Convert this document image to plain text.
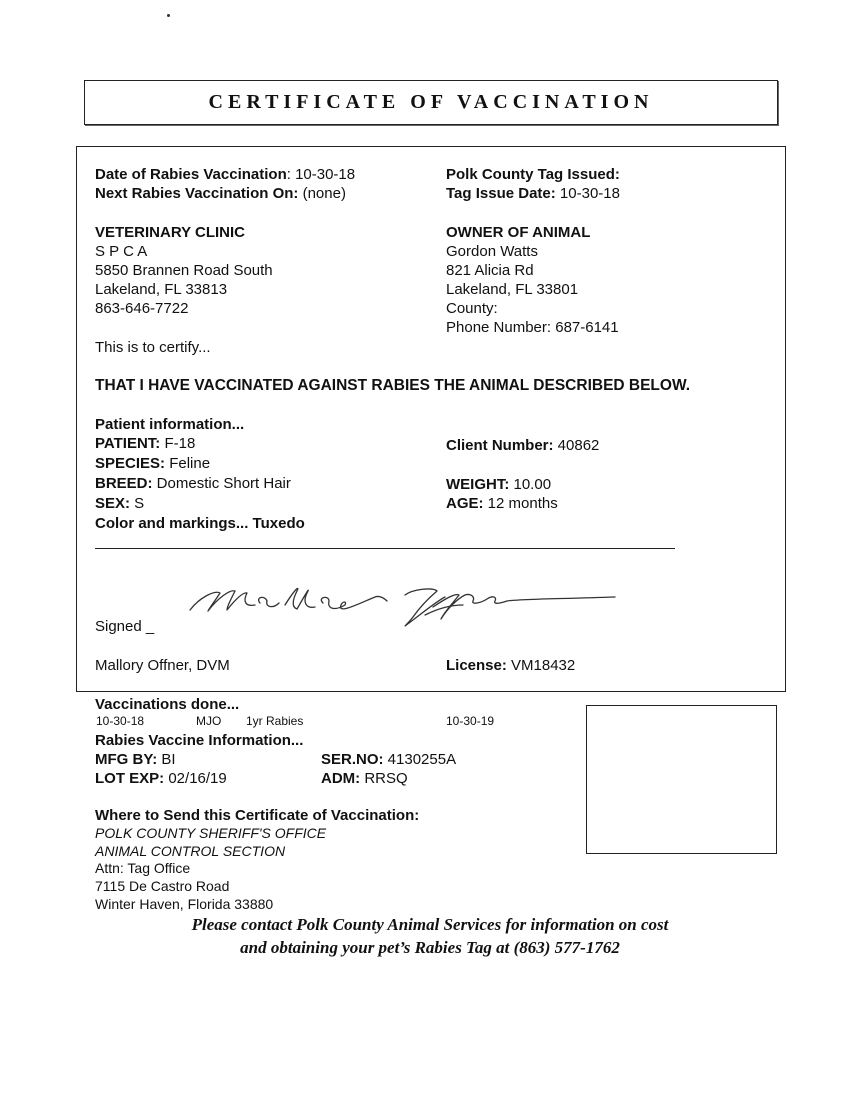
CERTIFICATE OF VACCINATION
Date of Rabies Vaccination: 10-30-18
Next Rabies Vaccination On: (none)
Polk County Tag Issued:
Tag Issue Date: 10-30-18
VETERINARY CLINIC
S P C A
5850 Brannen Road South
Lakeland, FL 33813
863-646-7722
OWNER OF ANIMAL
Gordon Watts
821 Alicia Rd
Lakeland, FL 33801
County:
Phone Number: 687-6141
This is to certify...
THAT I HAVE VACCINATED AGAINST RABIES THE ANIMAL DESCRIBED BELOW.
Patient information...
PATIENT: F-18
SPECIES: Feline
BREED: Domestic Short Hair
SEX: S
Color and markings... Tuxedo
Client Number: 40862
WEIGHT: 10.00
AGE: 12 months
Signed _
Mallory Offner, DVM	License: VM18432
Vaccinations done...
10-30-18	MJO 1yr Rabies	10-30-19
Rabies Vaccine Information...
MFG BY: BI	SER.NO: 4130255A
LOT EXP: 02/16/19	ADM: RRSQ
Where to Send this Certificate of Vaccination:
POLK COUNTY SHERIFF'S OFFICE
ANIMAL CONTROL SECTION
Attn: Tag Office
7115 De Castro Road
Winter Haven, Florida 33880
Please contact Polk County Animal Services for information on cost
and obtaining your pet’s Rabies Tag at (863) 577-1762
